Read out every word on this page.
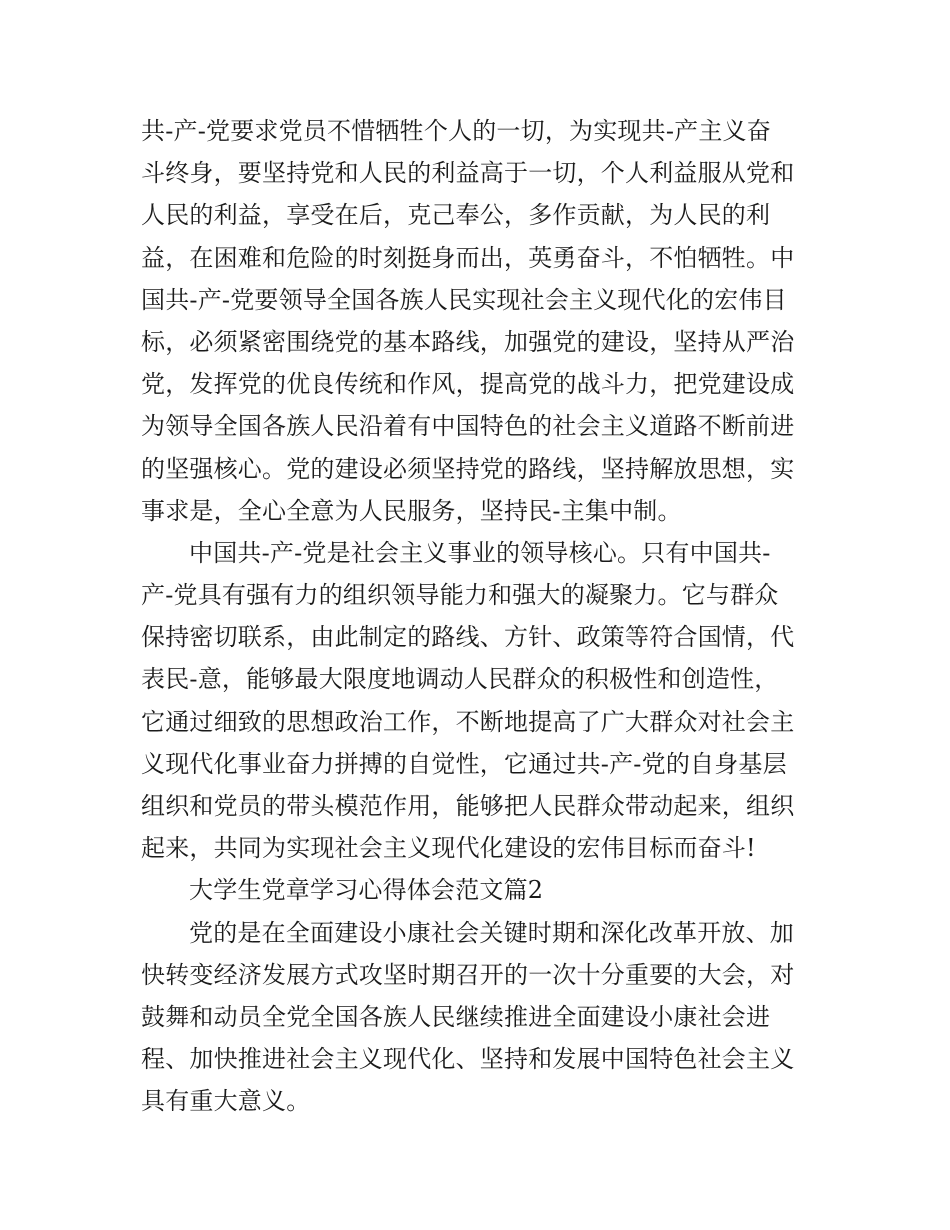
共-产-党要求党员不惜牺牲个人的一切，为实现共-产主义奋
斗终身，要坚持党和人民的利益高于一切，个人利益服从党和
人民的利益，享受在后，克己奉公，多作贡献，为人民的利
益，在困难和危险的时刻挺身而出，英勇奋斗，不怕牺牲。中
国共-产-党要领导全国各族人民实现社会主义现代化的宏伟目
标，必须紧密围绕党的基本路线，加强党的建设，坚持从严治
党，发挥党的优良传统和作风，提高党的战斗力，把党建设成
为领导全国各族人民沿着有中国特色的社会主义道路不断前进
的坚强核心。党的建设必须坚持党的路线，坚持解放思想，实
事求是，全心全意为人民服务，坚持民-主集中制。
中国共-产-党是社会主义事业的领导核心。只有中国共-
产-党具有强有力的组织领导能力和强大的凝聚力。它与群众
保持密切联系，由此制定的路线、方针、政策等符合国情，代
表民-意，能够最大限度地调动人民群众的积极性和创造性，
它通过细致的思想政治工作，不断地提高了广大群众对社会主
义现代化事业奋力拼搏的自觉性，它通过共-产-党的自身基层
组织和党员的带头模范作用，能够把人民群众带动起来，组织
起来，共同为实现社会主义现代化建设的宏伟目标而奋斗!
大学生党章学习心得体会范文篇2
党的是在全面建设小康社会关键时期和深化改革开放、加
快转变经济发展方式攻坚时期召开的一次十分重要的大会，对
鼓舞和动员全党全国各族人民继续推进全面建设小康社会进
程、加快推进社会主义现代化、坚持和发展中国特色社会主义
具有重大意义。
